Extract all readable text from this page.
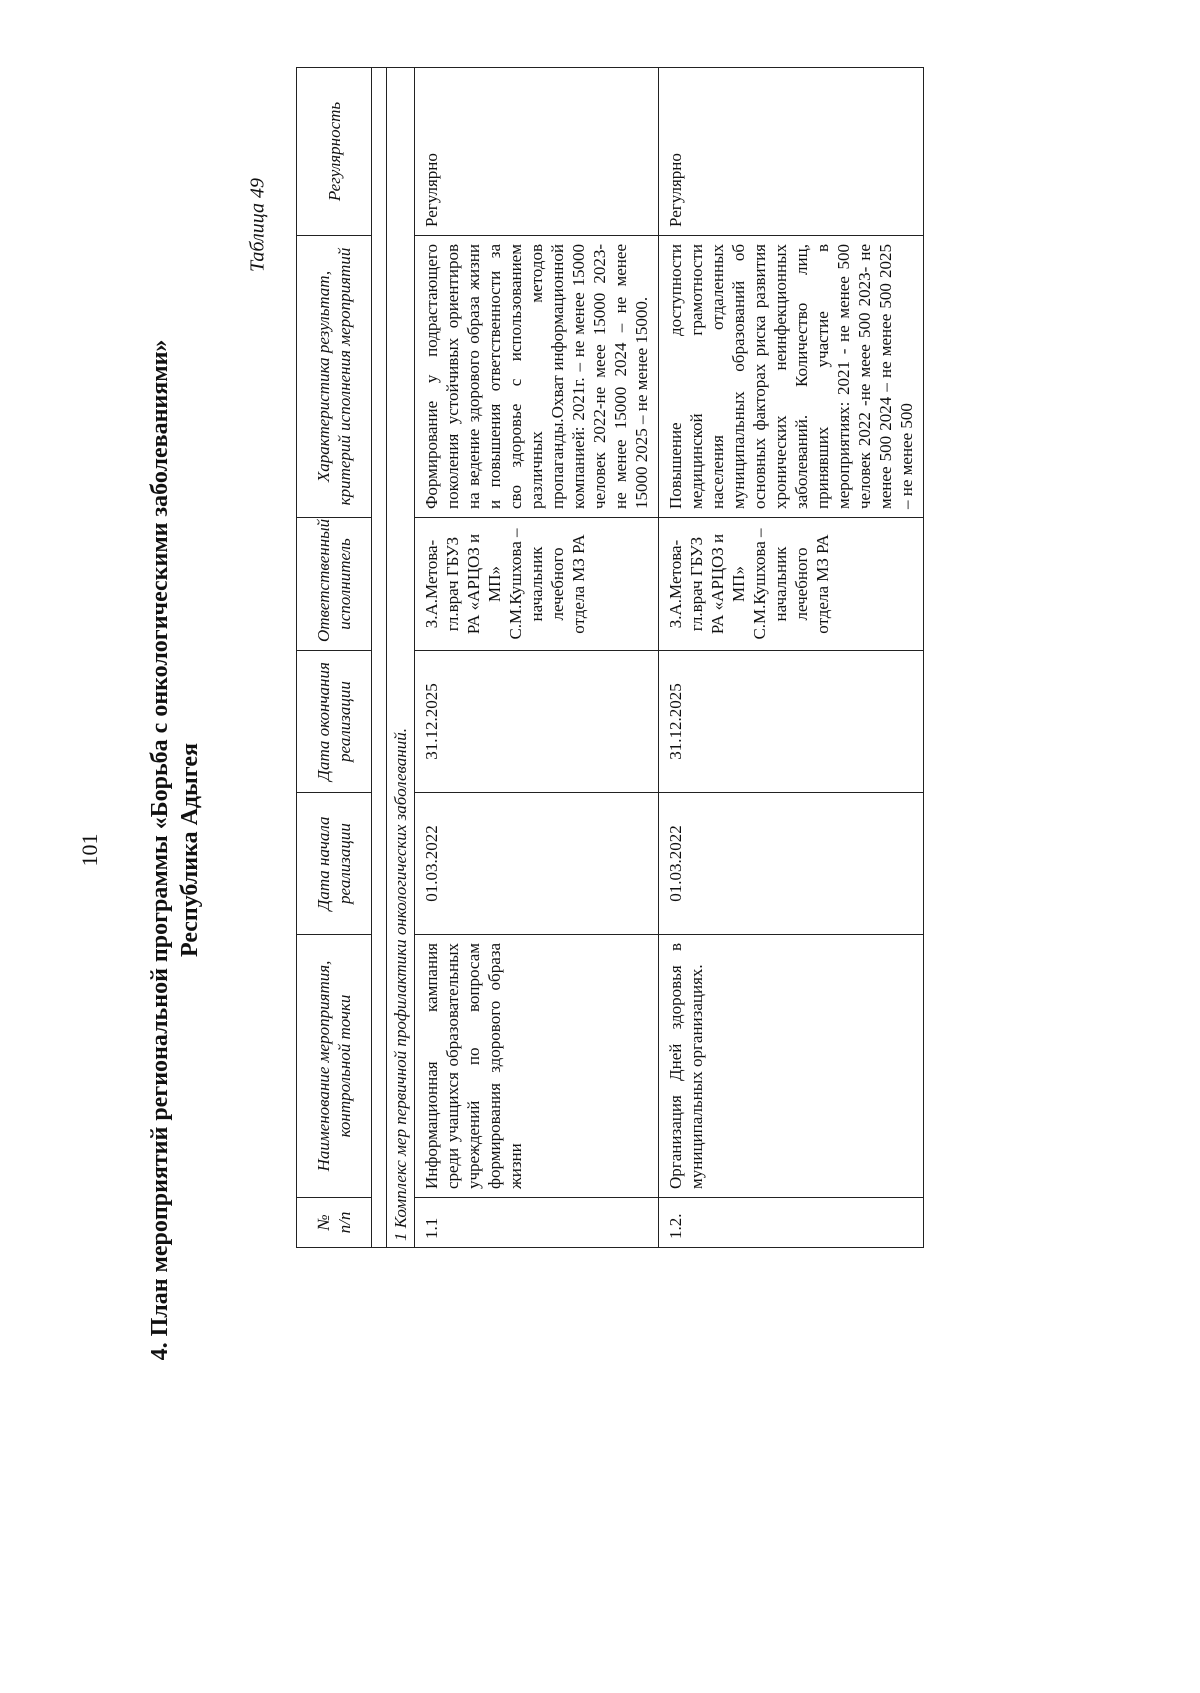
101 4. План мероприятий региональной программы «Борьба с онкологическими заболеваниями» Республика Адыгея
Таблица 49
№ п/п	Наименование мероприятия, контрольной точки	Дата начала реализации	Дата окончания реализации	Ответственный исполнитель	Характеристика результат, критерий исполнения мероприятий	Регулярность

1 Комплекс мер первичной профилактики онкологических заболеваний.						
1.1	Информационная кампания среди учащихся образовательных учреждений по вопросам формирования здорового образа жизни	01.03.2022	31.12.2025	З.А.Метова- гл.врач ГБУЗ РА «АРЦОЗ и МП» С.М.Кушхова – начальник лечебного отдела МЗ РА	Формирование у подрастающего поколения устойчивых ориентиров на ведение здорового образа жизни и повышения ответственности за сво здоровье с использованием различных методов пропаганды.Охват информационной компанией: 2021г. – не менее 15000 человек 2022-не меeе 15000 2023- не менее 15000 2024 – не менее 15000 2025 – не менее 15000.	Регулярно
1.2.	Организация Дней здоровья в муниципальных организациях.	01.03.2022	31.12.2025	З.А.Метова- гл.врач ГБУЗ РА «АРЦОЗ и МП» С.М.Кушхова – начальник лечебного отдела МЗ РА	Повышение доступности медицинской грамотности населения отдаленных муниципальных образований об основных факторах риска развития хронических неинфекционных заболеваний. Количество лиц, принявших участие в мероприятиях: 2021 - не менее 500 человек 2022 -не меeе 500 2023- не менее 500 2024 – не менее 500 2025 – не менее 500	Регулярно
